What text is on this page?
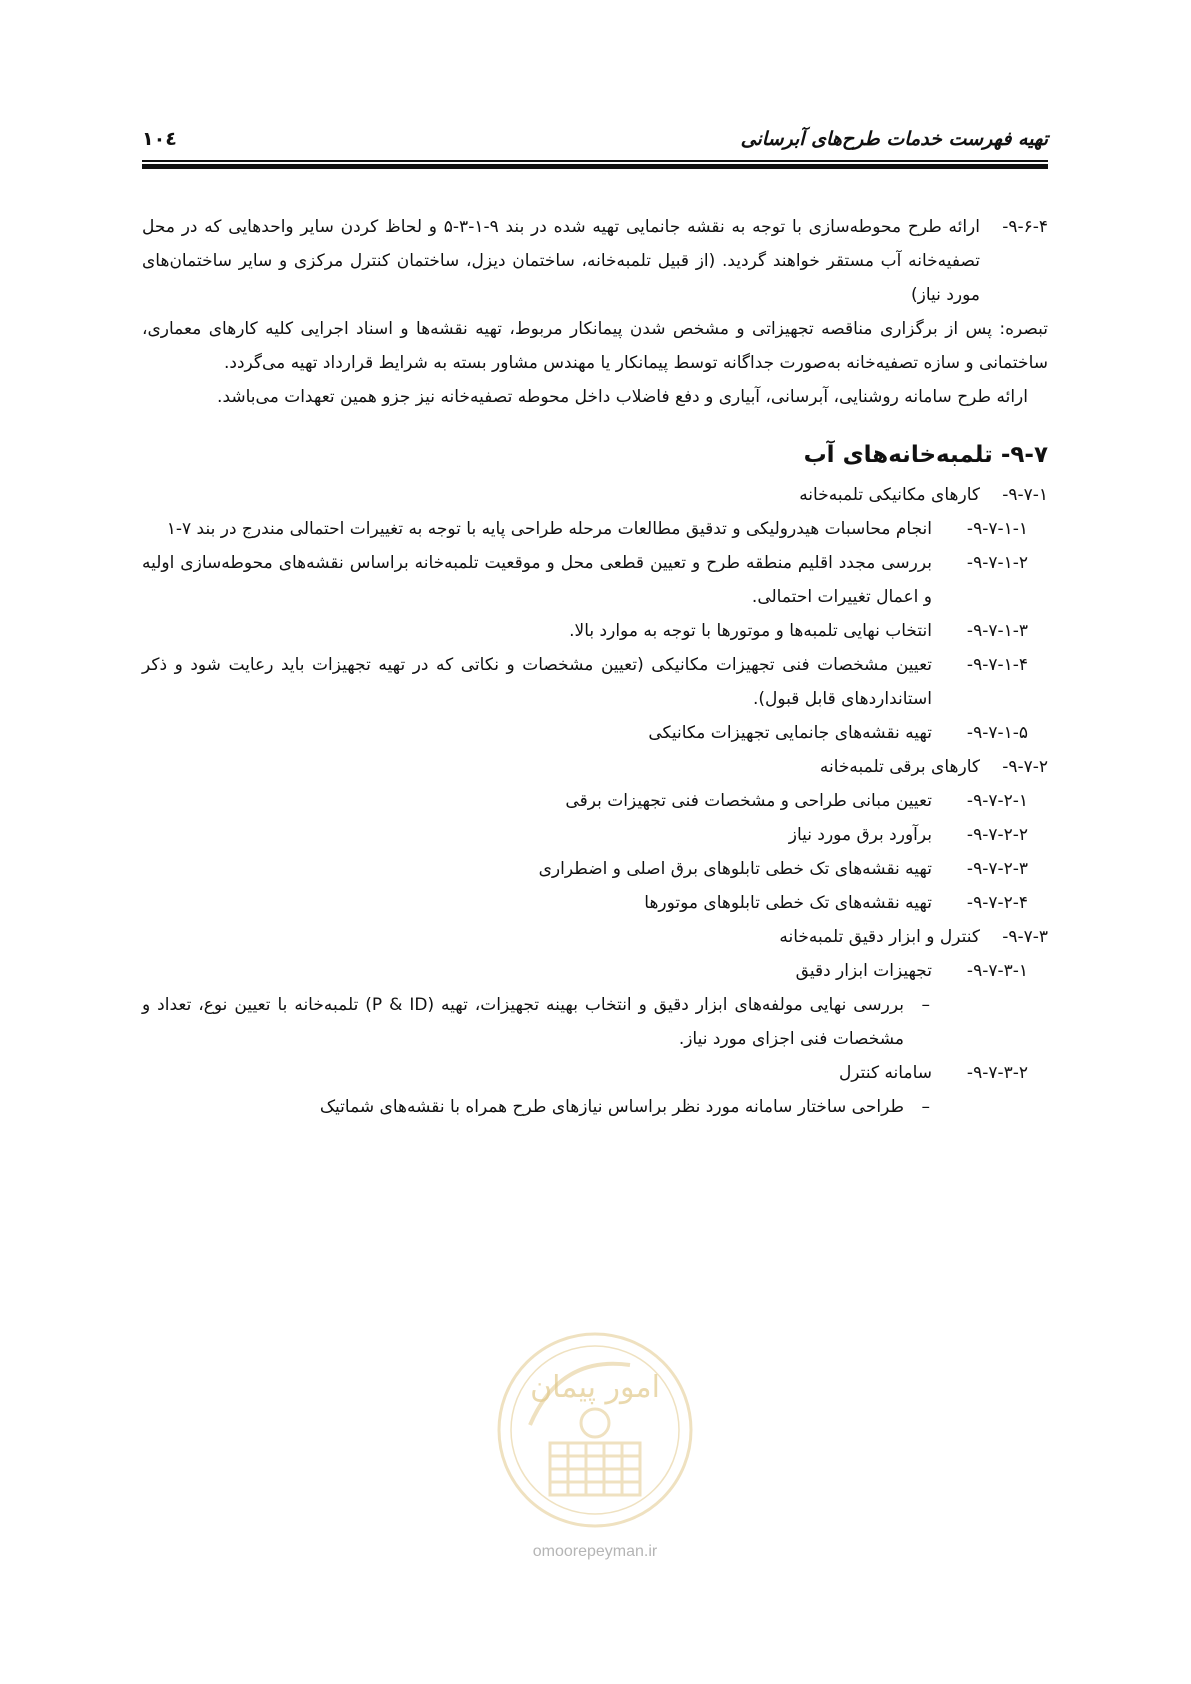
تهیه فهرست خدمات طرح‌های آبرسانی
۱۰٤
۹-۶-۴-
ارائه طرح محوطه‌سازی با توجه به نقشه جانمایی تهیه شده در بند ۹-۱-۳-۵ و لحاظ کردن سایر واحدهایی که در محل تصفیه‌خانه آب مستقر خواهند گردید. (از قبیل تلمبه‌خانه، ساختمان دیزل، ساختمان کنترل مرکزی و سایر ساختمان‌های مورد نیاز)
تبصره: پس از برگزاری مناقصه تجهیزاتی و مشخص شدن پیمانکار مربوط، تهیه نقشه‌ها و اسناد اجرایی کلیه کارهای معماری، ساختمانی و سازه تصفیه‌خانه به‌صورت جداگانه توسط پیمانکار یا مهندس مشاور بسته به شرایط قرارداد تهیه می‌گردد.
ارائه طرح سامانه روشنایی، آبرسانی، آبیاری و دفع فاضلاب داخل محوطه تصفیه‌خانه نیز جزو همین تعهدات می‌باشد.
۹-۷- تلمبه‌خانه‌های آب
۹-۷-۱-
کارهای مکانیکی تلمبه‌خانه
۹-۷-۱-۱-
انجام محاسبات هیدرولیکی و تدقیق مطالعات مرحله طراحی پایه با توجه به تغییرات احتمالی مندرج در بند ۷-۱
۹-۷-۱-۲-
بررسی مجدد اقلیم منطقه طرح و تعیین قطعی محل و موقعیت تلمبه‌خانه براساس نقشه‌های محوطه‌سازی اولیه و اعمال تغییرات احتمالی.
۹-۷-۱-۳-
انتخاب نهایی تلمبه‌ها و موتورها با توجه به موارد بالا.
۹-۷-۱-۴-
تعیین مشخصات فنی تجهیزات مکانیکی (تعیین مشخصات و نکاتی که در تهیه تجهیزات باید رعایت شود و ذکر استانداردهای قابل قبول).
۹-۷-۱-۵-
تهیه نقشه‌های جانمایی تجهیزات مکانیکی
۹-۷-۲-
کارهای برقی تلمبه‌خانه
۹-۷-۲-۱-
تعیین مبانی طراحی و مشخصات فنی تجهیزات برقی
۹-۷-۲-۲-
برآورد برق مورد نیاز
۹-۷-۲-۳-
تهیه نقشه‌های تک خطی تابلوهای برق اصلی و اضطراری
۹-۷-۲-۴-
تهیه نقشه‌های تک خطی تابلوهای موتورها
۹-۷-۳-
کنترل و ابزار دقیق تلمبه‌خانه
۹-۷-۳-۱-
تجهیزات ابزار دقیق
–
بررسی نهایی مولفه‌های ابزار دقیق و انتخاب بهینه تجهیزات، تهیه (P & ID) تلمبه‌خانه با تعیین نوع، تعداد و مشخصات فنی اجزای مورد نیاز.
۹-۷-۳-۲-
سامانه کنترل
–
طراحی ساختار سامانه مورد نظر براساس نیازهای طرح همراه با نقشه‌های شماتیک
امور پیمان
omoorepeyman.ir
